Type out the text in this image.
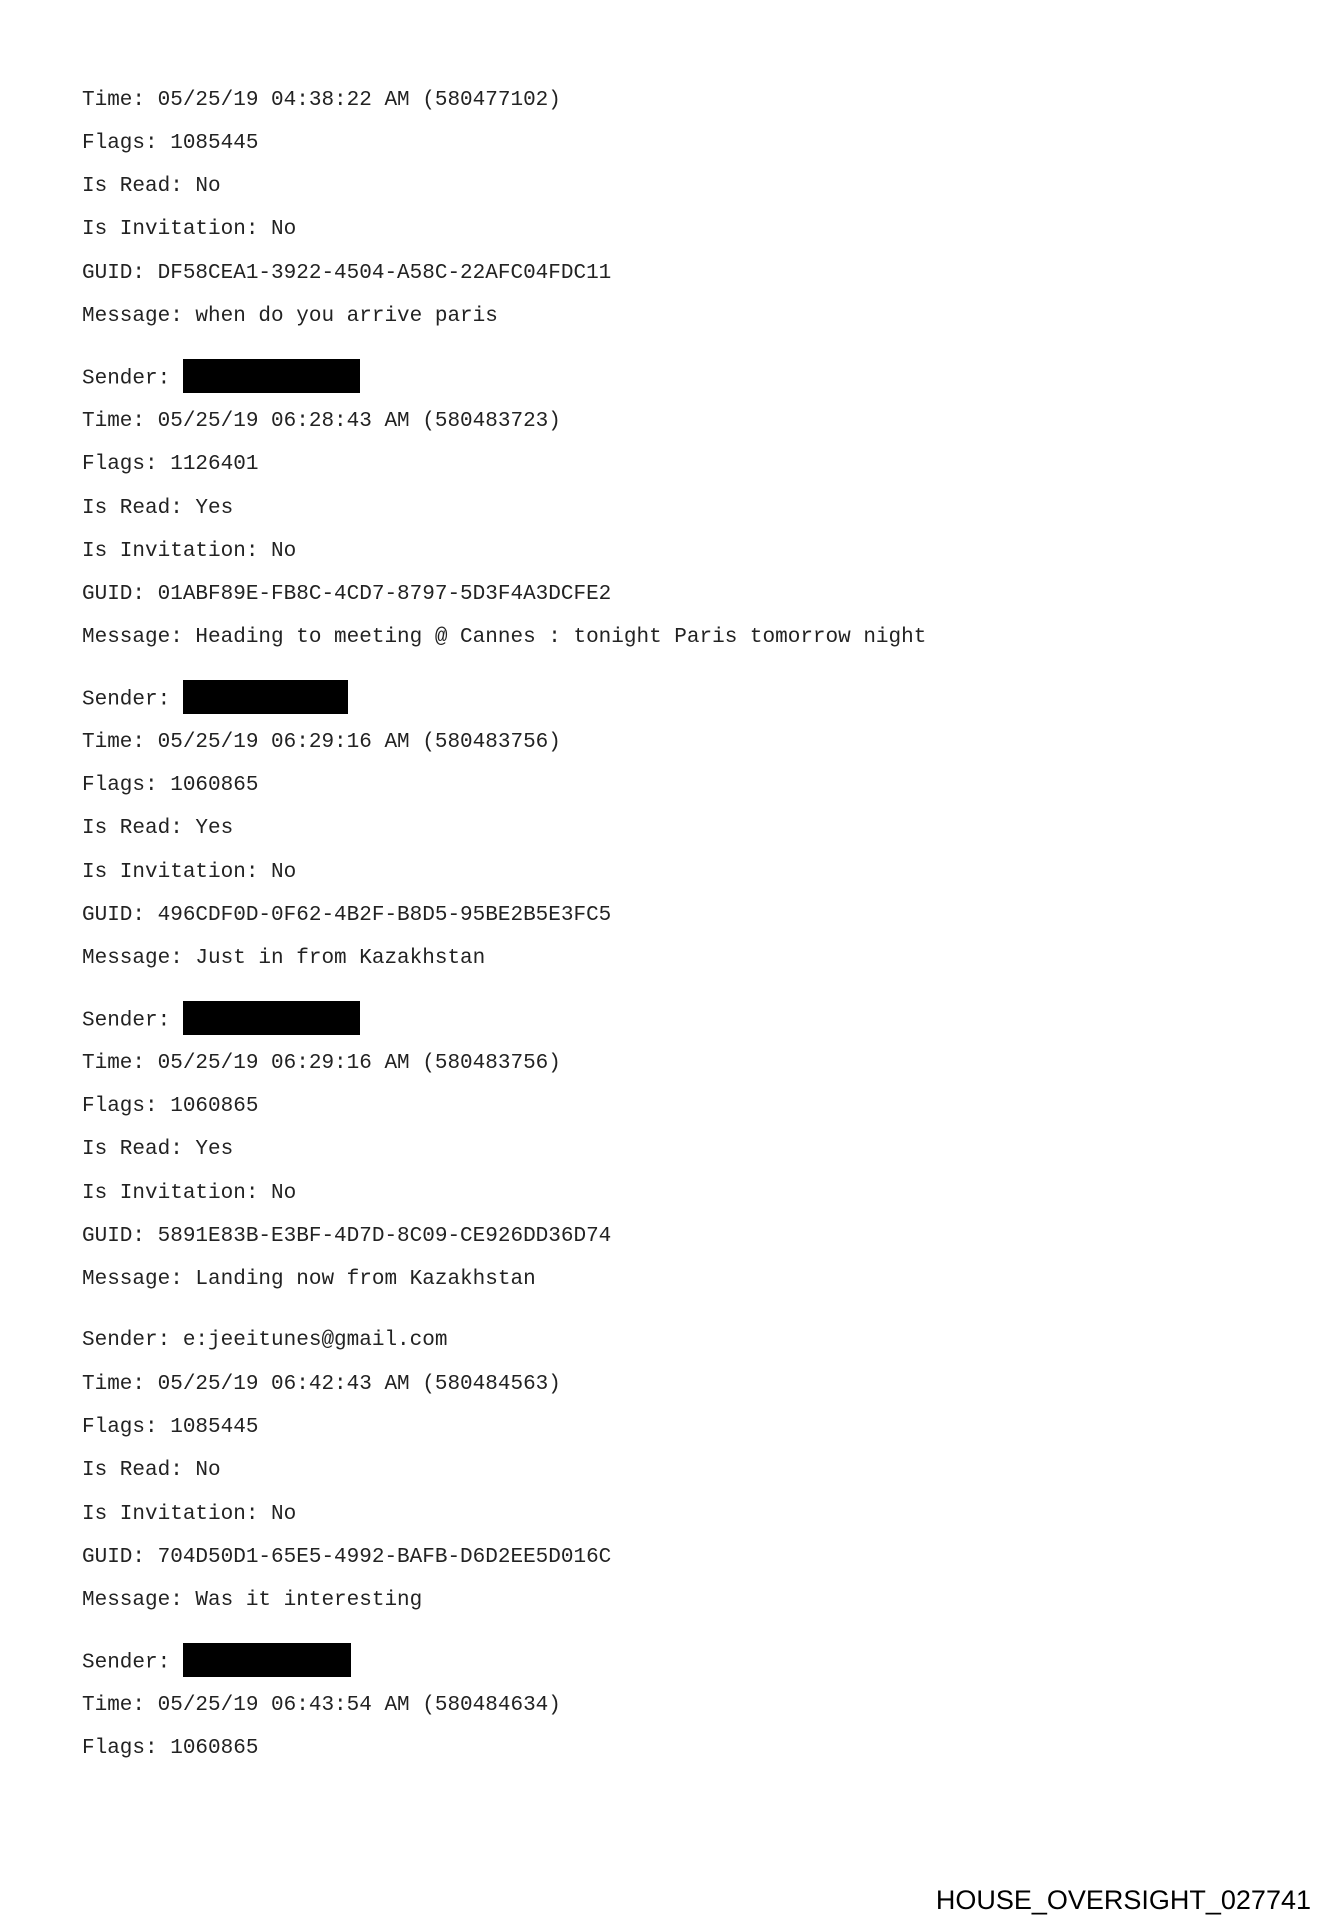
Time: 05/25/19 04:38:22 AM (580477102)
Flags: 1085445
Is Read: No
Is Invitation: No
GUID: DF58CEA1-3922-4504-A58C-22AFC04FDC11
Message: when do you arrive paris
Sender:
Time: 05/25/19 06:28:43 AM (580483723)
Flags: 1126401
Is Read: Yes
Is Invitation: No
GUID: 01ABF89E-FB8C-4CD7-8797-5D3F4A3DCFE2
Message: Heading to meeting @ Cannes : tonight Paris tomorrow night
Sender:
Time: 05/25/19 06:29:16 AM (580483756)
Flags: 1060865
Is Read: Yes
Is Invitation: No
GUID: 496CDF0D-0F62-4B2F-B8D5-95BE2B5E3FC5
Message: Just in from Kazakhstan
Sender:
Time: 05/25/19 06:29:16 AM (580483756)
Flags: 1060865
Is Read: Yes
Is Invitation: No
GUID: 5891E83B-E3BF-4D7D-8C09-CE926DD36D74
Message: Landing now from Kazakhstan
Sender: e:jeeitunes@gmail.com
Time: 05/25/19 06:42:43 AM (580484563)
Flags: 1085445
Is Read: No
Is Invitation: No
GUID: 704D50D1-65E5-4992-BAFB-D6D2EE5D016C
Message: Was it interesting
Sender:
Time: 05/25/19 06:43:54 AM (580484634)
Flags: 1060865
HOUSE_OVERSIGHT_027741
